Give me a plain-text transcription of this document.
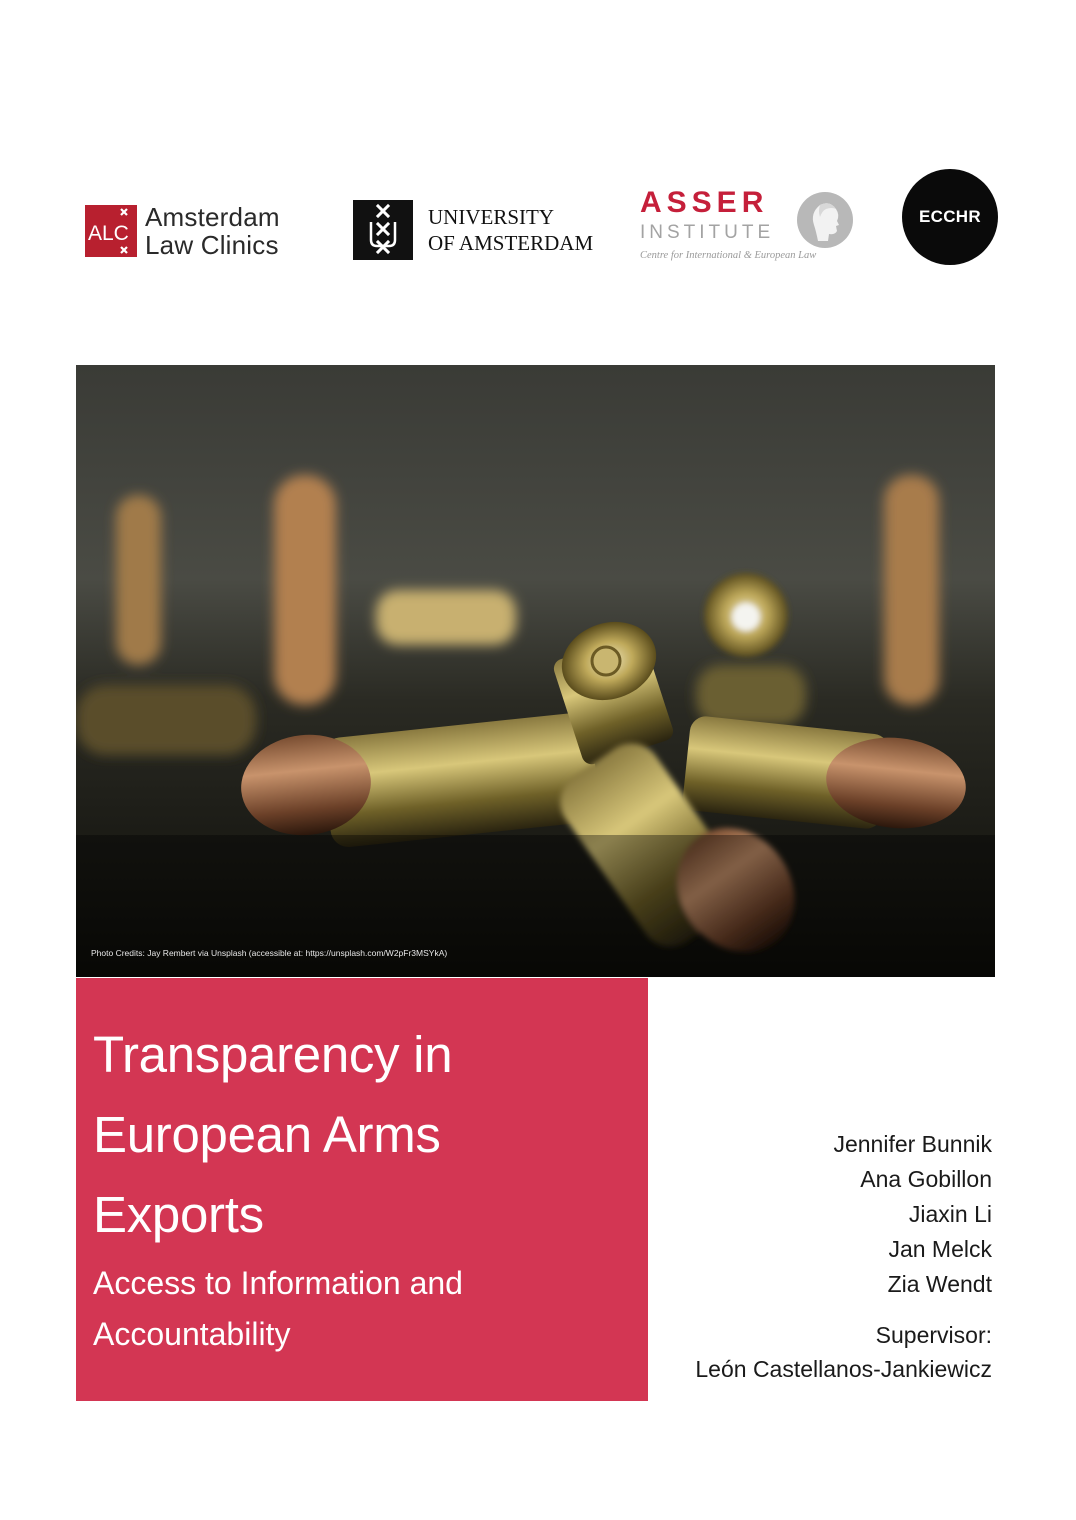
ALC
Amsterdam
Law Clinics
UNIVERSITY
OF AMSTERDAM
ASSER
INSTITUTE
Centre for International & European Law
ECCHR
Photo Credits: Jay Rembert via Unsplash (accessible at: https://unsplash.com/W2pFr3MSYkA)
Transparency in
European Arms
Exports
Access to Information and
Accountability
Jennifer Bunnik
Ana Gobillon
Jiaxin Li
Jan Melck
Zia Wendt
Supervisor:
León Castellanos-Jankiewicz
